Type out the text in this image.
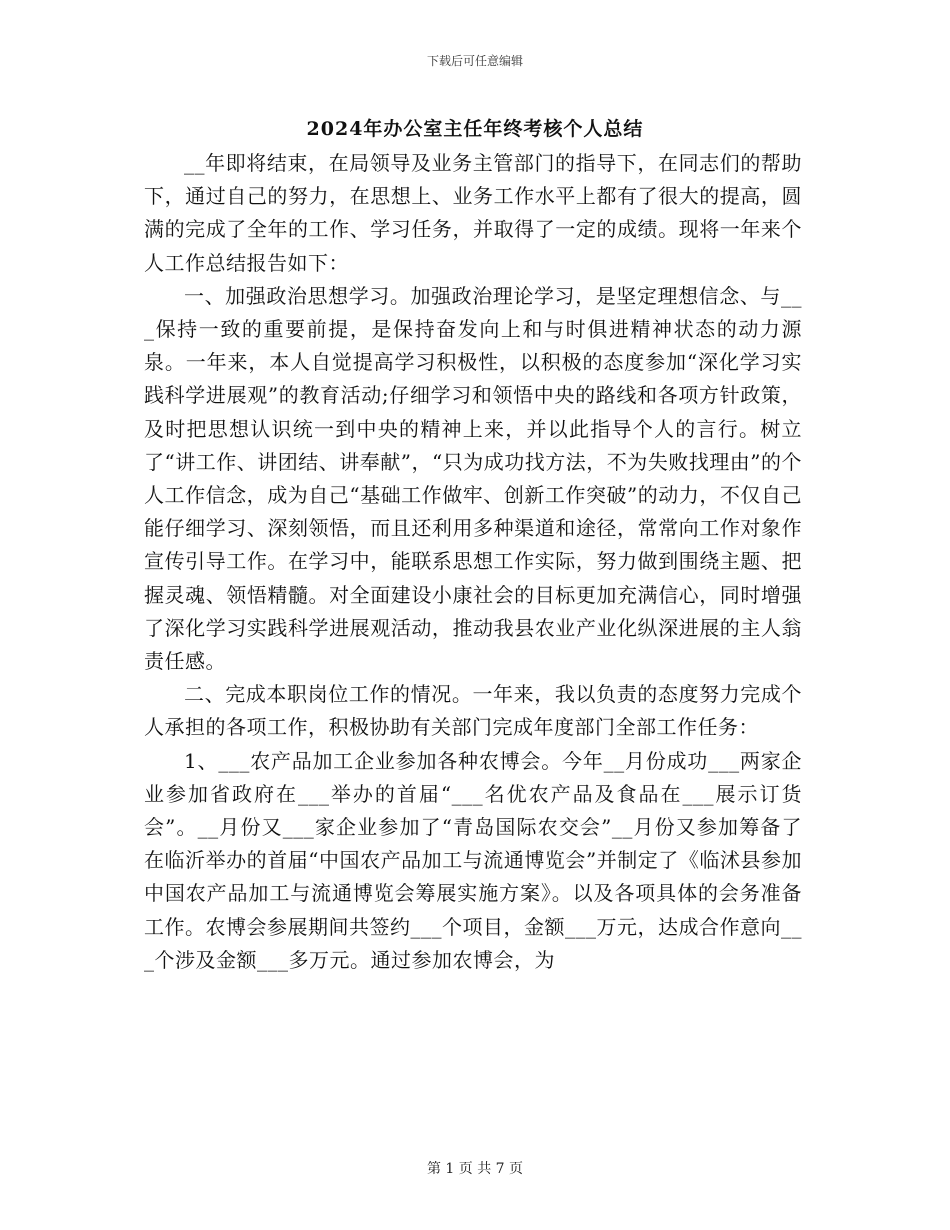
下载后可任意编辑
2024年办公室主任年终考核个人总结

__年即将结束，在局领导及业务主管部门的指导下，在同志们的帮助下，通过自己的努力，在思想上、业务工作水平上都有了很大的提高，圆满的完成了全年的工作、学习任务，并取得了一定的成绩。现将一年来个人工作总结报告如下：

一、加强政治思想学习。加强政治理论学习，是坚定理想信念、与___保持一致的重要前提，是保持奋发向上和与时俱进精神状态的动力源泉。一年来，本人自觉提高学习积极性，以积极的态度参加“深化学习实践科学进展观”的教育活动;仔细学习和领悟中央的路线和各项方针政策，及时把思想认识统一到中央的精神上来，并以此指导个人的言行。树立了“讲工作、讲团结、讲奉献”，“只为成功找方法，不为失败找理由”的个人工作信念，成为自己“基础工作做牢、创新工作突破”的动力，不仅自己能仔细学习、深刻领悟，而且还利用多种渠道和途径，常常向工作对象作宣传引导工作。在学习中，能联系思想工作实际，努力做到围绕主题、把握灵魂、领悟精髓。对全面建设小康社会的目标更加充满信心，同时增强了深化学习实践科学进展观活动，推动我县农业产业化纵深进展的主人翁责任感。

二、完成本职岗位工作的情况。一年来，我以负责的态度努力完成个人承担的各项工作，积极协助有关部门完成年度部门全部工作任务：

1、___农产品加工企业参加各种农博会。今年__月份成功___两家企业参加省政府在___举办的首届“___名优农产品及食品在___展示订货会”。__月份又___家企业参加了“青岛国际农交会”__月份又参加筹备了在临沂举办的首届“中国农产品加工与流通博览会”并制定了《临沭县参加中国农产品加工与流通博览会筹展实施方案》。以及各项具体的会务准备工作。农博会参展期间共签约___个项目，金额___万元，达成合作意向___个涉及金额___多万元。通过参加农博会，为

第 1 页 共 7 页
